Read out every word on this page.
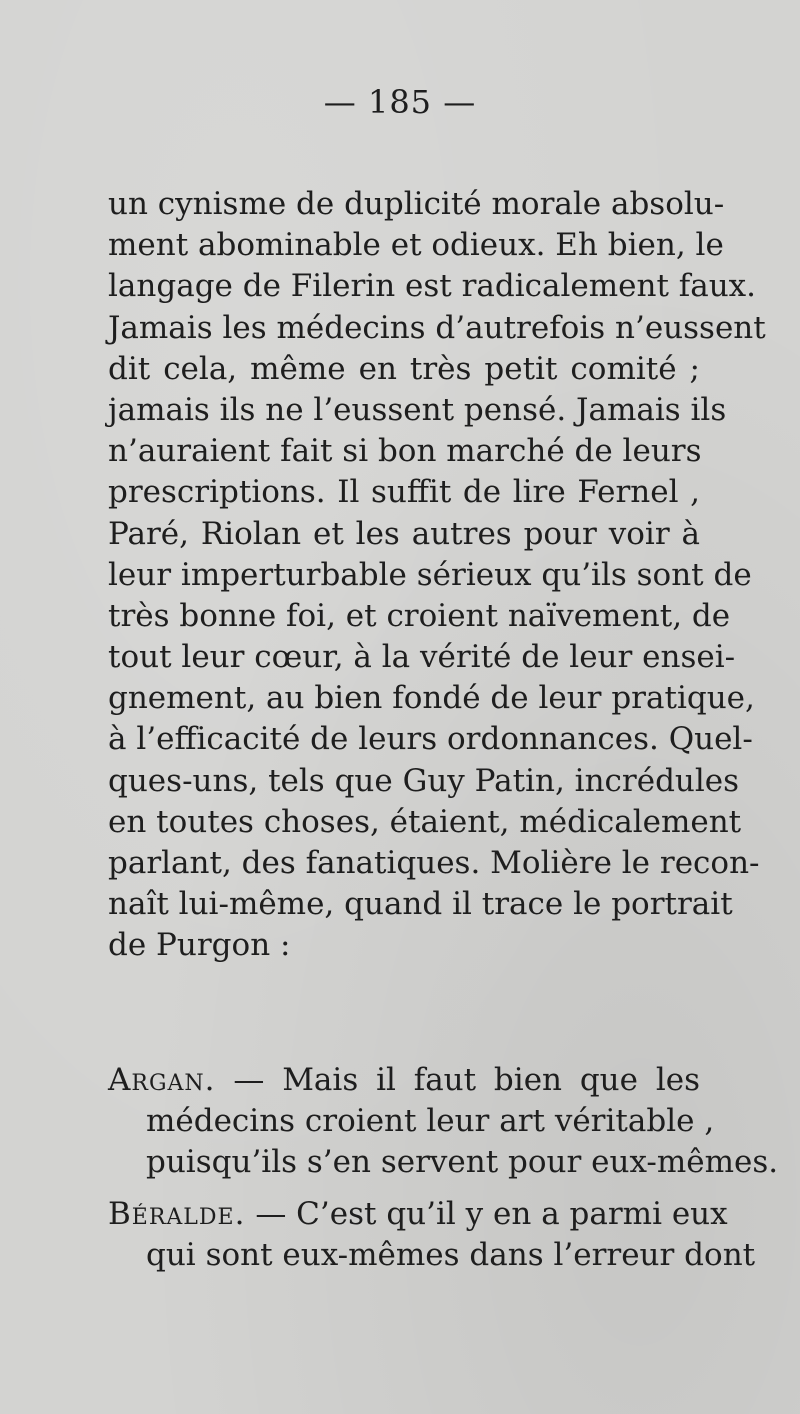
— 185 —
un cynisme de duplicité morale absolu-
ment abominable et odieux. Eh bien, le
langage de Filerin est radicalement faux.
Jamais les médecins d’autrefois n’eussent
dit cela, même en très petit comité ;
jamais ils ne l’eussent pensé. Jamais ils
n’auraient fait si bon marché de leurs
prescriptions. Il suffit de lire Fernel ,
Paré, Riolan et les autres pour voir à
leur imperturbable sérieux qu’ils sont de
très bonne foi, et croient naïvement, de
tout leur cœur, à la vérité de leur ensei-
gnement, au bien fondé de leur pratique,
à l’efficacité de leurs ordonnances. Quel-
ques-uns, tels que Guy Patin, incrédules
en toutes choses, étaient, médicalement
parlant, des fanatiques. Molière le recon-
naît lui-même, quand il trace le portrait
de Purgon :
Argan. — Mais il faut bien que les
médecins croient leur art véritable ,
puisqu’ils s’en servent pour eux-mêmes.
Béralde. — C’est qu’il y en a parmi eux
qui sont eux-mêmes dans l’erreur dont
